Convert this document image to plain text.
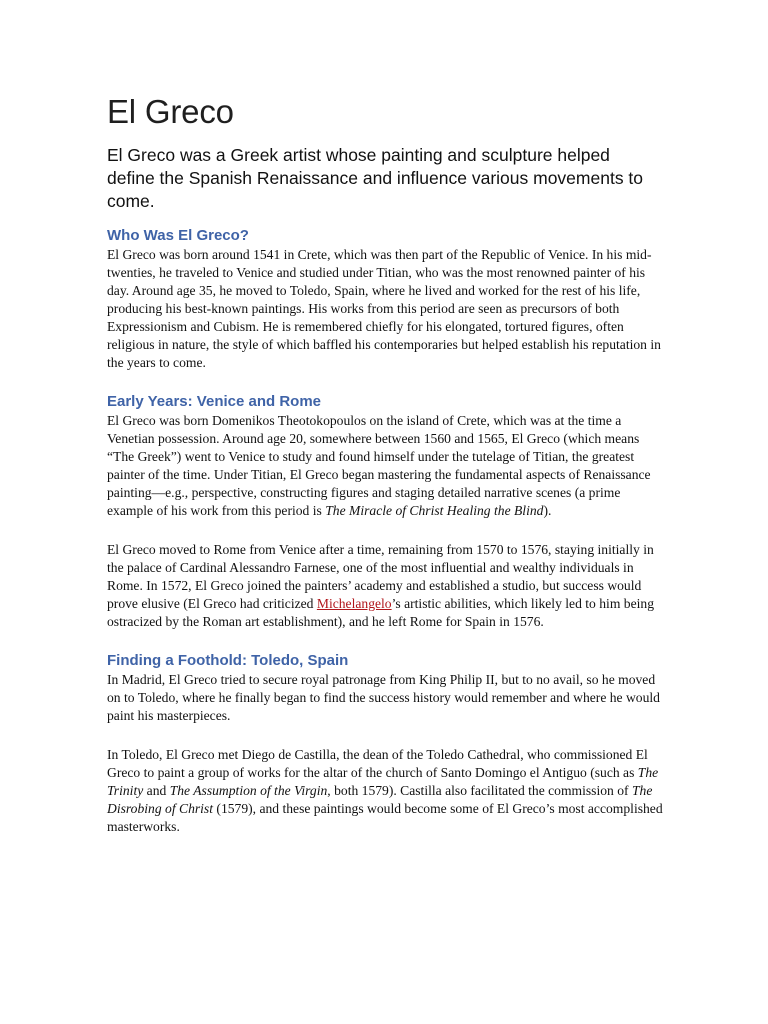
El Greco
El Greco was a Greek artist whose painting and sculpture helped define the Spanish Renaissance and influence various movements to come.
Who Was El Greco?

El Greco was born around 1541 in Crete, which was then part of the Republic of Venice. In his mid-twenties, he traveled to Venice and studied under Titian, who was the most renowned painter of his day. Around age 35, he moved to Toledo, Spain, where he lived and worked for the rest of his life, producing his best-known paintings. His works from this period are seen as precursors of both Expressionism and Cubism. He is remembered chiefly for his elongated, tortured figures, often religious in nature, the style of which baffled his contemporaries but helped establish his reputation in the years to come.

Early Years: Venice and Rome

El Greco was born Domenikos Theotokopoulos on the island of Crete, which was at the time a Venetian possession. Around age 20, somewhere between 1560 and 1565, El Greco (which means “The Greek”) went to Venice to study and found himself under the tutelage of Titian, the greatest painter of the time. Under Titian, El Greco began mastering the fundamental aspects of Renaissance painting—e.g., perspective, constructing figures and staging detailed narrative scenes (a prime example of his work from this period is The Miracle of Christ Healing the Blind).

El Greco moved to Rome from Venice after a time, remaining from 1570 to 1576, staying initially in the palace of Cardinal Alessandro Farnese, one of the most influential and wealthy individuals in Rome. In 1572, El Greco joined the painters’ academy and established a studio, but success would prove elusive (El Greco had criticized Michelangelo’s artistic abilities, which likely led to him being ostracized by the Roman art establishment), and he left Rome for Spain in 1576.

Finding a Foothold: Toledo, Spain

In Madrid, El Greco tried to secure royal patronage from King Philip II, but to no avail, so he moved on to Toledo, where he finally began to find the success history would remember and where he would paint his masterpieces.

In Toledo, El Greco met Diego de Castilla, the dean of the Toledo Cathedral, who commissioned El Greco to paint a group of works for the altar of the church of Santo Domingo el Antiguo (such as The Trinity and The Assumption of the Virgin, both 1579). Castilla also facilitated the commission of The Disrobing of Christ (1579), and these paintings would become some of El Greco’s most accomplished masterworks.
